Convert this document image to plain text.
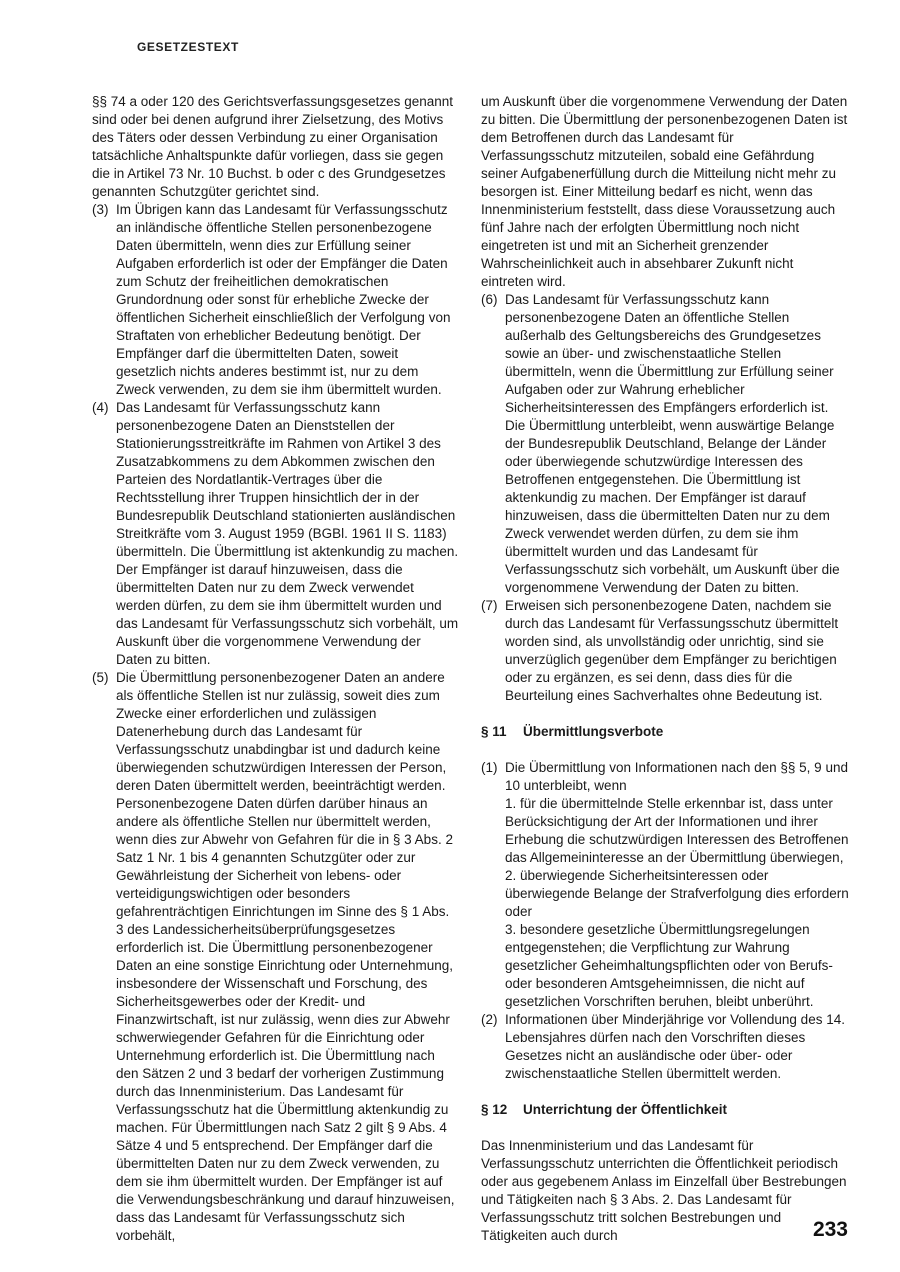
GESETZESTEXT

§§ 74 a oder 120 des Gerichtsverfassungsgesetzes genannt sind oder bei denen aufgrund ihrer Zielsetzung, des Motivs des Täters oder dessen Verbindung zu einer Organisation tatsächliche Anhaltspunkte dafür vorliegen, dass sie gegen die in Artikel 73 Nr. 10 Buchst. b oder c des Grundgesetzes genannten Schutzgüter gerichtet sind.

(3) Im Übrigen kann das Landesamt für Verfassungsschutz an inländische öffentliche Stellen personenbezogene Daten übermitteln, wenn dies zur Erfüllung seiner Aufgaben erforderlich ist oder der Empfänger die Daten zum Schutz der freiheitlichen demokratischen Grundordnung oder sonst für erhebliche Zwecke der öffentlichen Sicherheit einschließlich der Verfolgung von Straftaten von erheblicher Bedeutung benötigt. Der Empfänger darf die übermittelten Daten, soweit gesetzlich nichts anderes bestimmt ist, nur zu dem Zweck verwenden, zu dem sie ihm übermittelt wurden.
(4) Das Landesamt für Verfassungsschutz kann personenbezogene Daten an Dienststellen der Stationierungsstreitkräfte im Rahmen von Artikel 3 des Zusatzabkommens zu dem Abkommen zwischen den Parteien des Nordatlantik-Vertrages über die Rechtsstellung ihrer Truppen hinsichtlich der in der Bundesrepublik Deutschland stationierten ausländischen Streitkräfte vom 3. August 1959 (BGBl. 1961 II S. 1183) übermitteln. Die Übermittlung ist aktenkundig zu machen. Der Empfänger ist darauf hinzuweisen, dass die übermittelten Daten nur zu dem Zweck verwendet werden dürfen, zu dem sie ihm übermittelt wurden und das Landesamt für Verfassungsschutz sich vorbehält, um Auskunft über die vorgenommene Verwendung der Daten zu bitten.
(5) Die Übermittlung personenbezogener Daten an andere als öffentliche Stellen ist nur zulässig, soweit dies zum Zwecke einer erforderlichen und zulässigen Datenerhebung durch das Landesamt für Verfassungsschutz unabdingbar ist und dadurch keine überwiegenden schutzwürdigen Interessen der Person, deren Daten übermittelt werden, beeinträchtigt werden. Personenbezogene Daten dürfen darüber hinaus an andere als öffentliche Stellen nur übermittelt werden, wenn dies zur Abwehr von Gefahren für die in § 3 Abs. 2 Satz 1 Nr. 1 bis 4 genannten Schutzgüter oder zur Gewährleistung der Sicherheit von lebens- oder verteidigungswichtigen oder besonders gefahrenträchtigen Einrichtungen im Sinne des § 1 Abs. 3 des Landessicherheitsüberprüfungsgesetzes erforderlich ist. Die Übermittlung personenbezogener Daten an eine sonstige Einrichtung oder Unternehmung, insbesondere der Wissenschaft und Forschung, des Sicherheitsgewerbes oder der Kredit- und Finanzwirtschaft, ist nur zulässig, wenn dies zur Abwehr schwerwiegender Gefahren für die Einrichtung oder Unternehmung erforderlich ist. Die Übermittlung nach den Sätzen 2 und 3 bedarf der vorherigen Zustimmung durch das Innenministerium. Das Landesamt für Verfassungsschutz hat die Übermittlung aktenkundig zu machen. Für Übermittlungen nach Satz 2 gilt § 9 Abs. 4 Sätze 4 und 5 entsprechend. Der Empfänger darf die übermittelten Daten nur zu dem Zweck verwenden, zu dem sie ihm übermittelt wurden. Der Empfänger ist auf die Verwendungsbeschränkung und darauf hinzuweisen, dass das Landesamt für Verfassungsschutz sich vorbehält,

um Auskunft über die vorgenommene Verwendung der Daten zu bitten. Die Übermittlung der personenbezogenen Daten ist dem Betroffenen durch das Landesamt für Verfassungsschutz mitzuteilen, sobald eine Gefährdung seiner Aufgabenerfüllung durch die Mitteilung nicht mehr zu besorgen ist. Einer Mitteilung bedarf es nicht, wenn das Innenministerium feststellt, dass diese Voraussetzung auch fünf Jahre nach der erfolgten Übermittlung noch nicht eingetreten ist und mit an Sicherheit grenzender Wahrscheinlichkeit auch in absehbarer Zukunft nicht eintreten wird.

(6) Das Landesamt für Verfassungsschutz kann personenbezogene Daten an öffentliche Stellen außerhalb des Geltungsbereichs des Grundgesetzes sowie an über- und zwischenstaatliche Stellen übermitteln, wenn die Übermittlung zur Erfüllung seiner Aufgaben oder zur Wahrung erheblicher Sicherheitsinteressen des Empfängers erforderlich ist. Die Übermittlung unterbleibt, wenn auswärtige Belange der Bundesrepublik Deutschland, Belange der Länder oder überwiegende schutzwürdige Interessen des Betroffenen entgegenstehen. Die Übermittlung ist aktenkundig zu machen. Der Empfänger ist darauf hinzuweisen, dass die übermittelten Daten nur zu dem Zweck verwendet werden dürfen, zu dem sie ihm übermittelt wurden und das Landesamt für Verfassungsschutz sich vorbehält, um Auskunft über die vorgenommene Verwendung der Daten zu bitten.
(7) Erweisen sich personenbezogene Daten, nachdem sie durch das Landesamt für Verfassungsschutz übermittelt worden sind, als unvollständig oder unrichtig, sind sie unverzüglich gegenüber dem Empfänger zu berichtigen oder zu ergänzen, es sei denn, dass dies für die Beurteilung eines Sachverhaltes ohne Bedeutung ist.
§ 11	Übermittlungsverbote
(1) Die Übermittlung von Informationen nach den §§ 5, 9 und 10 unterbleibt, wenn
1. für die übermittelnde Stelle erkennbar ist, dass unter Berücksichtigung der Art der Informationen und ihrer Erhebung die schutzwürdigen Interessen des Betroffenen das Allgemeininteresse an der Übermittlung überwiegen,
2. überwiegende Sicherheitsinteressen oder überwiegende Belange der Strafverfolgung dies erfordern oder
3. besondere gesetzliche Übermittlungsregelungen entgegenstehen; die Verpflichtung zur Wahrung gesetzlicher Geheimhaltungspflichten oder von Berufs- oder besonderen Amtsgeheimnissen, die nicht auf gesetzlichen Vorschriften beruhen, bleibt unberührt.
(2) Informationen über Minderjährige vor Vollendung des 14. Lebensjahres dürfen nach den Vorschriften dieses Gesetzes nicht an ausländische oder über- oder zwischenstaatliche Stellen übermittelt werden.
§ 12	Unterrichtung der Öffentlichkeit

Das Innenministerium und das Landesamt für Verfassungsschutz unterrichten die Öffentlichkeit periodisch oder aus gegebenem Anlass im Einzelfall über Bestrebungen und Tätigkeiten nach § 3 Abs. 2. Das Landesamt für Verfassungsschutz tritt solchen Bestrebungen und Tätigkeiten auch durch	233
